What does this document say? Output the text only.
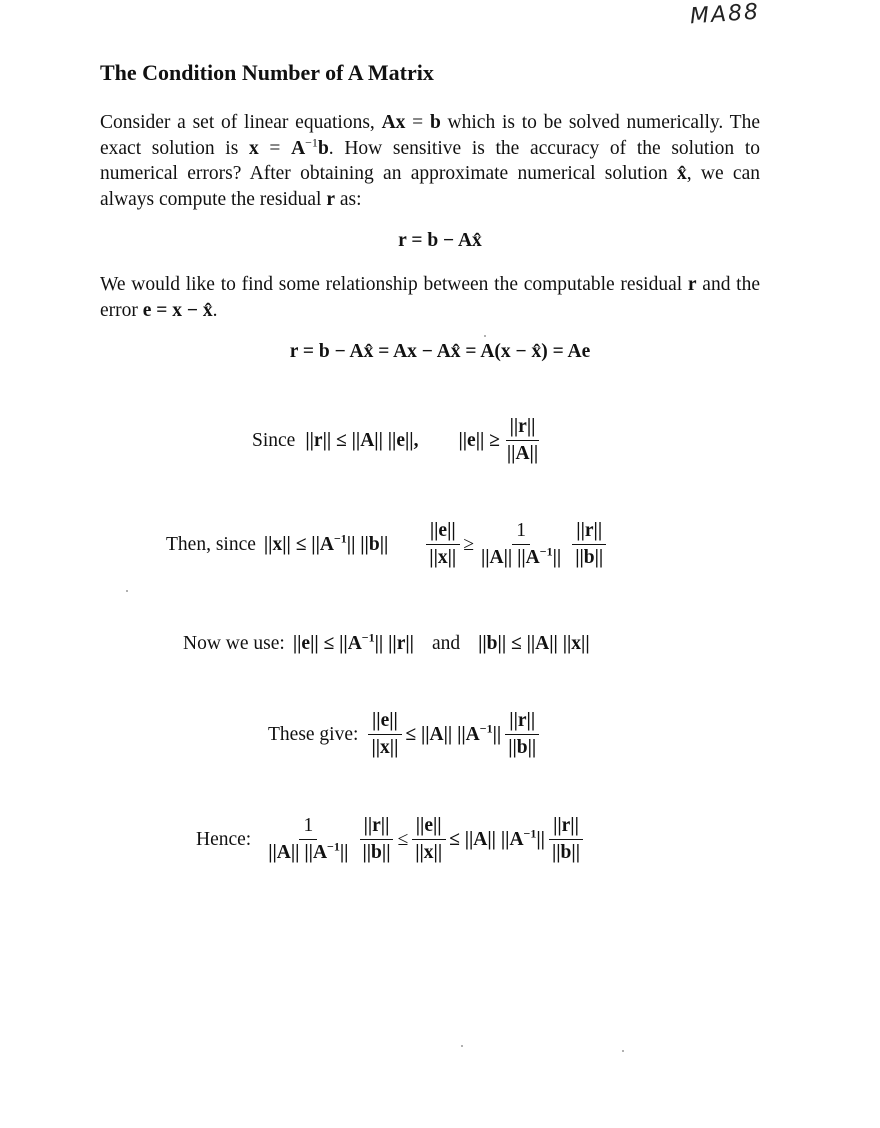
MA88
The Condition Number of A Matrix

Consider a set of linear equations, Ax = b which is to be solved numerically. The exact solution is $x = A^{-1}b$. How sensitive is the accuracy of the solution to numerical errors? After obtaining an approximate numerical solution x̂, we can always compute the residual r as:

r = b − Ax̂

We would like to find some relationship between the computable residual r and the error e = x − x̂.

r = b − Ax̂ = Ax − Ax̂ = A(x − x̂) = Ae
Since ||r|| ≤ ||A|| ||e||, $||e|| \ge \frac{||r||}{||A||}$
Then, since $||x|| \le ||A^{-1}||$ $||b|| \frac{||e||}{||x||} \ge \frac{1}{||A|| ||A^{-1}||} \frac{||r||}{||b||}$
Now we use: $||e|| \le ||A^{-1}||$ ||r|| and ||b|| ≤ ||A|| ||x||
These give: $\frac{||e||}{||x||} \le ||A||$ $||A^{-1}|| \frac{||r||}{||b||}$
Hence: $\frac{1}{||A|| ||A^{-1}||} \frac{||r||}{||b||} \le \frac{||e||}{||x||} \le ||A||$ $||A^{-1}|| \frac{||r||}{||b||}$
